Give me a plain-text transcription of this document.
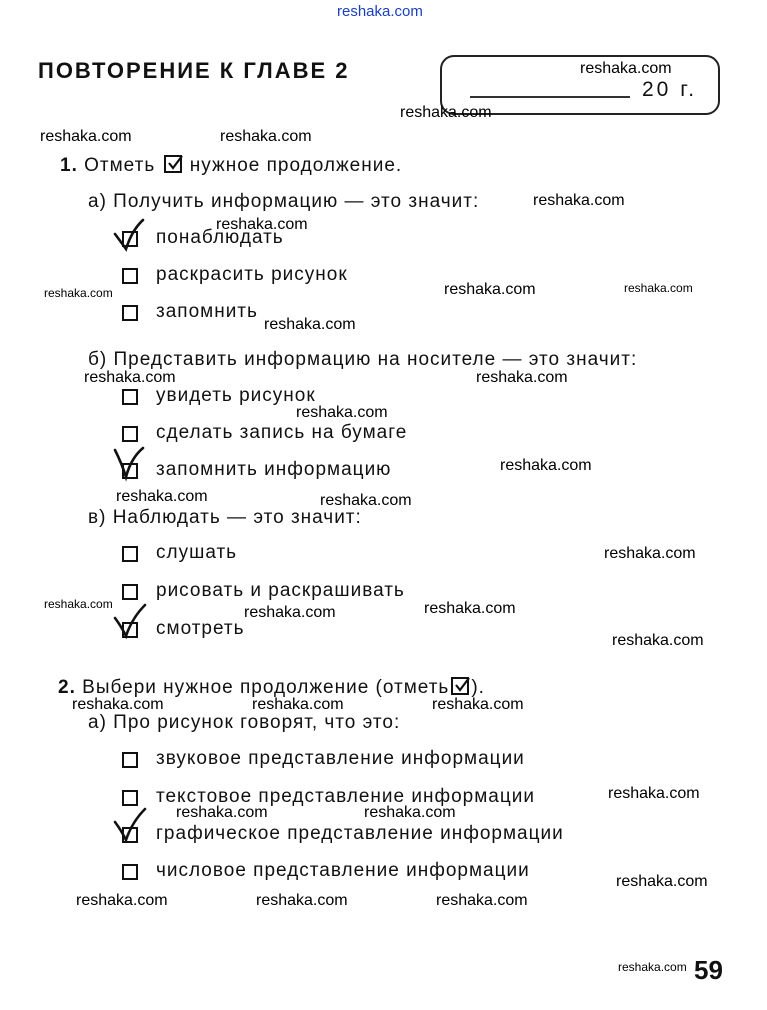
reshaka.com
ПОВТОРЕНИЕ К ГЛАВЕ 2
20 г.
reshaka.com
reshaka.com
reshaka.com	reshaka.com
reshaka.com
reshaka.com
reshaka.com	reshaka.com	reshaka.com
reshaka.com
reshaka.com	reshaka.com
reshaka.com
reshaka.com
reshaka.com	reshaka.com
reshaka.com
reshaka.com	reshaka.com
reshaka.com
reshaka.com
reshaka.com	reshaka.com	reshaka.com
reshaka.com
reshaka.com	reshaka.com
reshaka.com
reshaka.com	reshaka.com	reshaka.com
reshaka.com
1. Отметь нужное продолжение.
а) Получить информацию — это значит:
понаблюдать
раскрасить рисунок
запомнить
б) Представить информацию на носителе — это значит:
увидеть рисунок
сделать запись на бумаге
запомнить информацию
в) Наблюдать — это значит:
слушать
рисовать и раскрашивать
смотреть
2. Выбери нужное продолжение (отметь ).
а) Про рисунок говорят, что это:
звуковое представление информации
текстовое представление информации
графическое представление информации
числовое представление информации
59
